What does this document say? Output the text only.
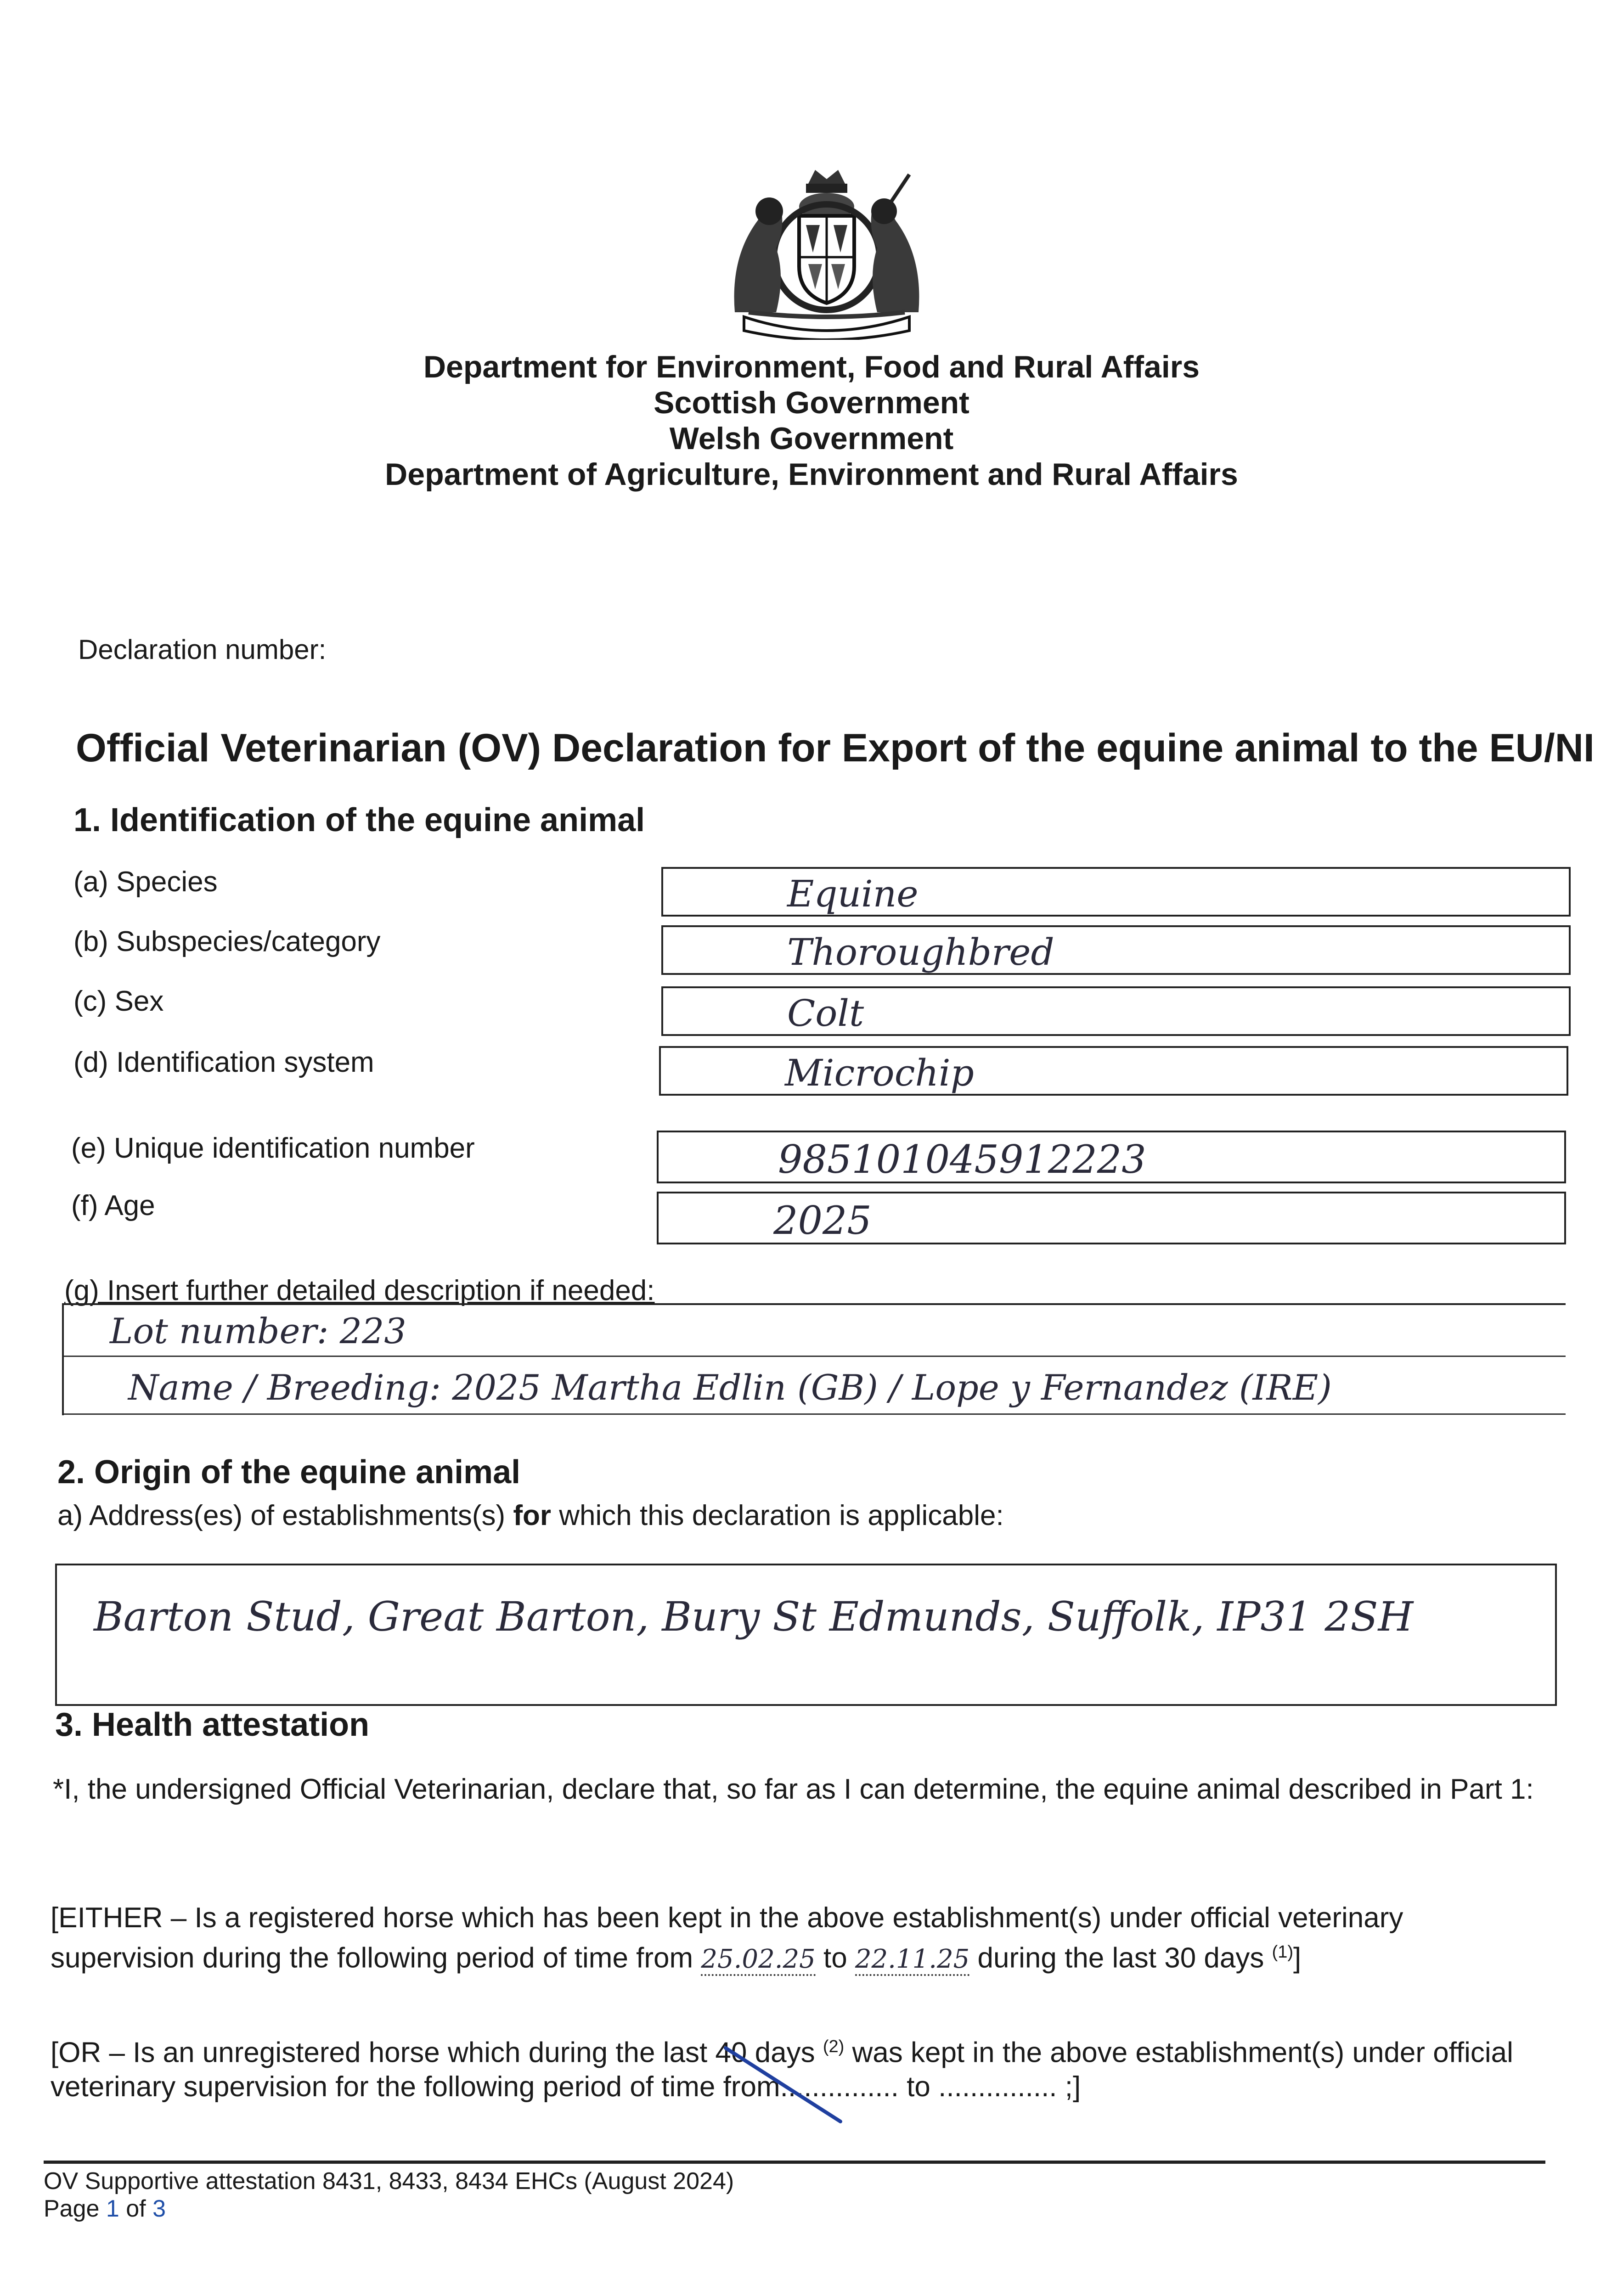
Department for Environment, Food and Rural Affairs
Scottish Government
Welsh Government
Department of Agriculture, Environment and Rural Affairs
Declaration number:
Official Veterinarian (OV) Declaration for Export of the equine animal to the EU/NI
1. Identification of the equine animal
(a) Species	Equine
(b) Subspecies/category	Thoroughbred
(c) Sex	Colt
(d) Identification system	Microchip
(e) Unique identification number	985101045912223
(f) Age	2025
(g) Insert further detailed description if needed:
Lot number: 223
Name / Breeding: 2025 Martha Edlin (GB) / Lope y Fernandez (IRE)
2. Origin of the equine animal
a) Address(es) of establishments(s) for which this declaration is applicable:
Barton Stud, Great Barton, Bury St Edmunds, Suffolk, IP31 2SH
3. Health attestation
*I, the undersigned Official Veterinarian, declare that, so far as I can determine, the equine animal described in Part 1:
[EITHER – Is a registered horse which has been kept in the above establishment(s) under official veterinary
supervision during the following period of time from 25.02.25 to 22.11.25 during the last 30 days $^{(1)}$]
[OR – Is an unregistered horse which during the last 40 days $^{(2)}$ was kept in the above establishment(s) under official
veterinary supervision for the following period of time from............... to ............... ;]
OV Supportive attestation 8431, 8433, 8434 EHCs (August 2024)
Page 1 of 3
